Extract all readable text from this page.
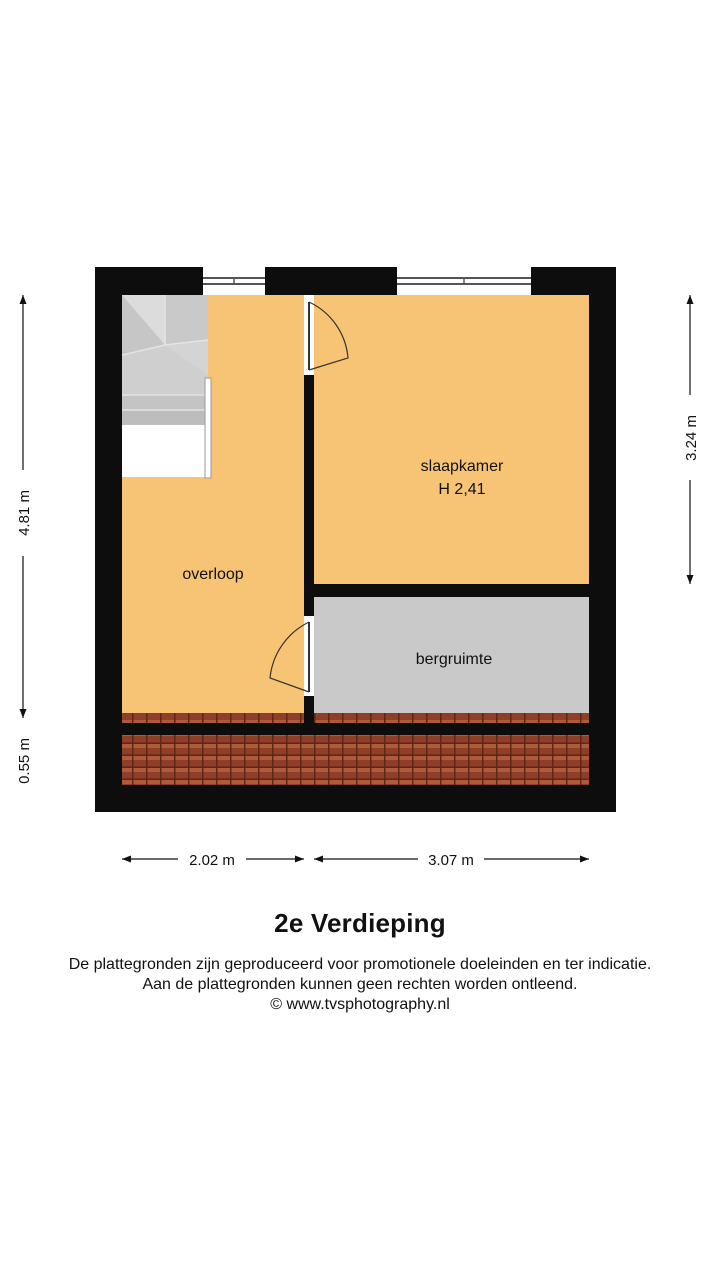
slaapkamer
H 2,41
overloop
bergruimte
4.81 m
0.55 m
3.24 m
2.02 m	3.07 m
2e Verdieping
De plattegronden zijn geproduceerd voor promotionele doeleinden en ter indicatie.
Aan de plattegronden kunnen geen rechten worden ontleend.
© www.tvsphotography.nl
